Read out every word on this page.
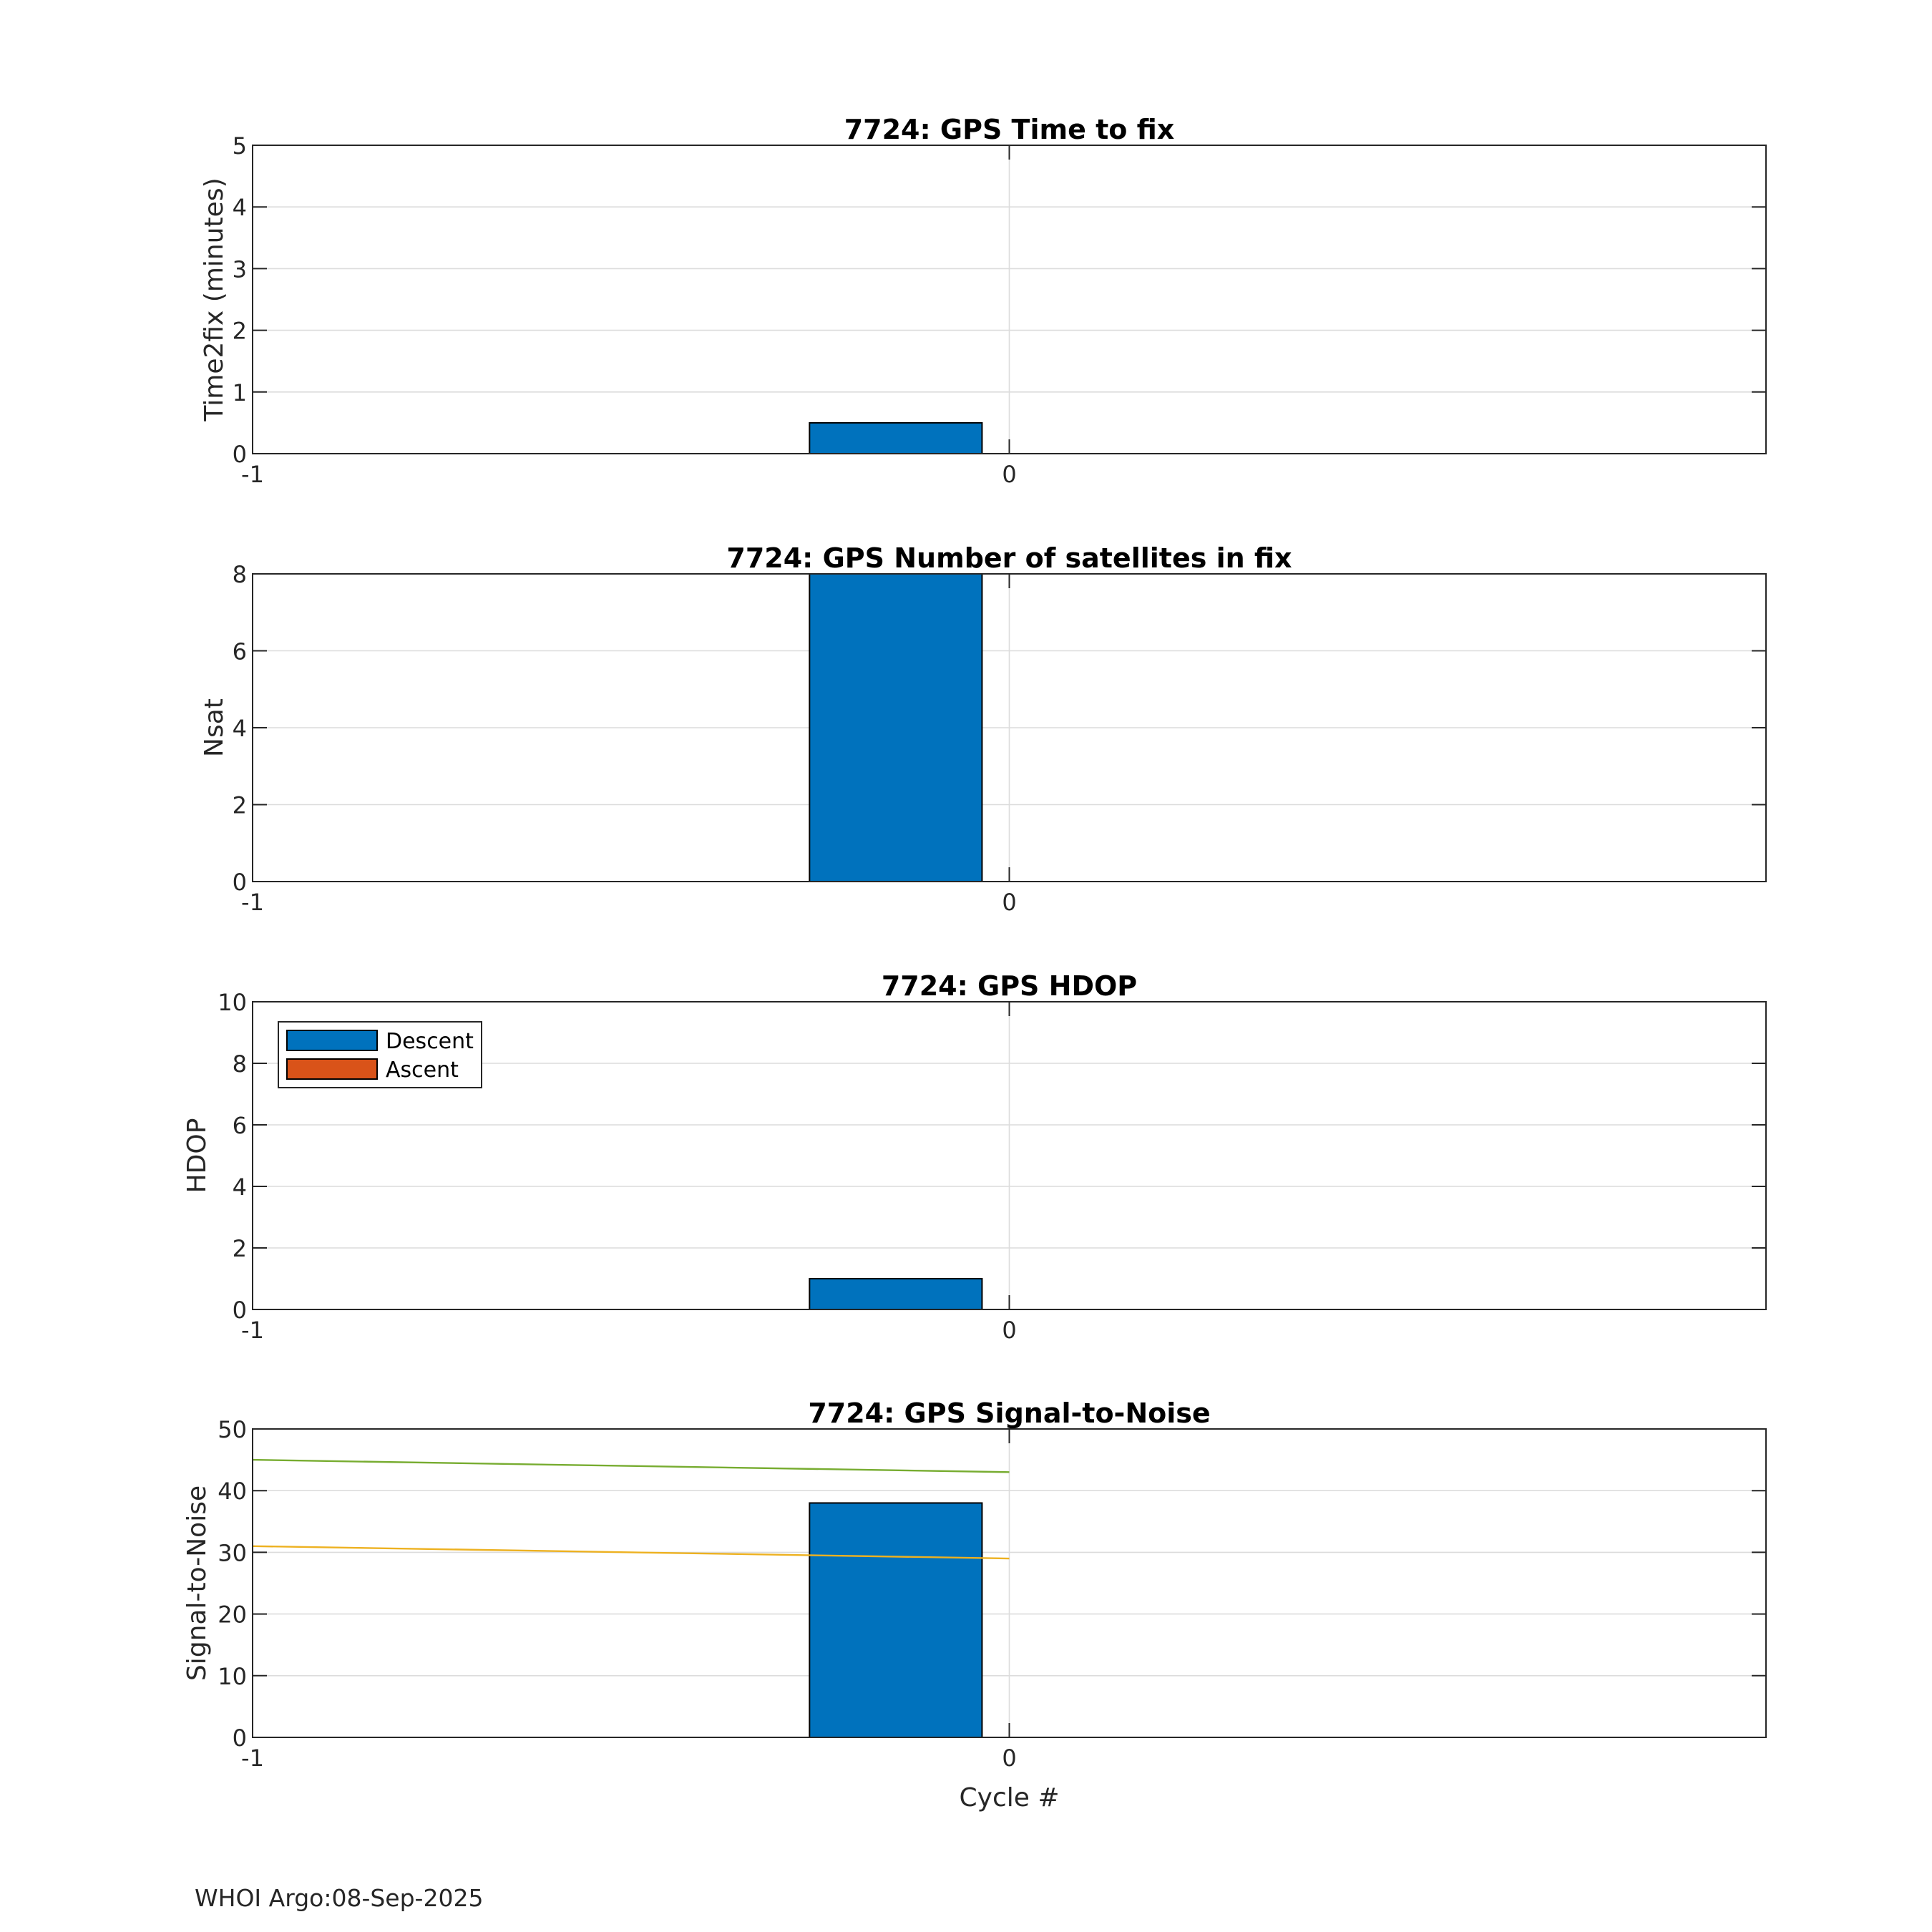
0
1
2
3
4
5
-1	0
7724: GPS Time to fix
Time2fix (minutes)
0
2
4
6
8
-1	0
7724: GPS Number of satellites in fix
Nsat
0
2
4
6
8
10
-1	0
7724: GPS HDOP
HDOP
Descent
Ascent
0
10
20
30
40
50
-1	0
7724: GPS Signal-to-Noise
Signal-to-Noise
Cycle #
WHOI Argo:08-Sep-2025
